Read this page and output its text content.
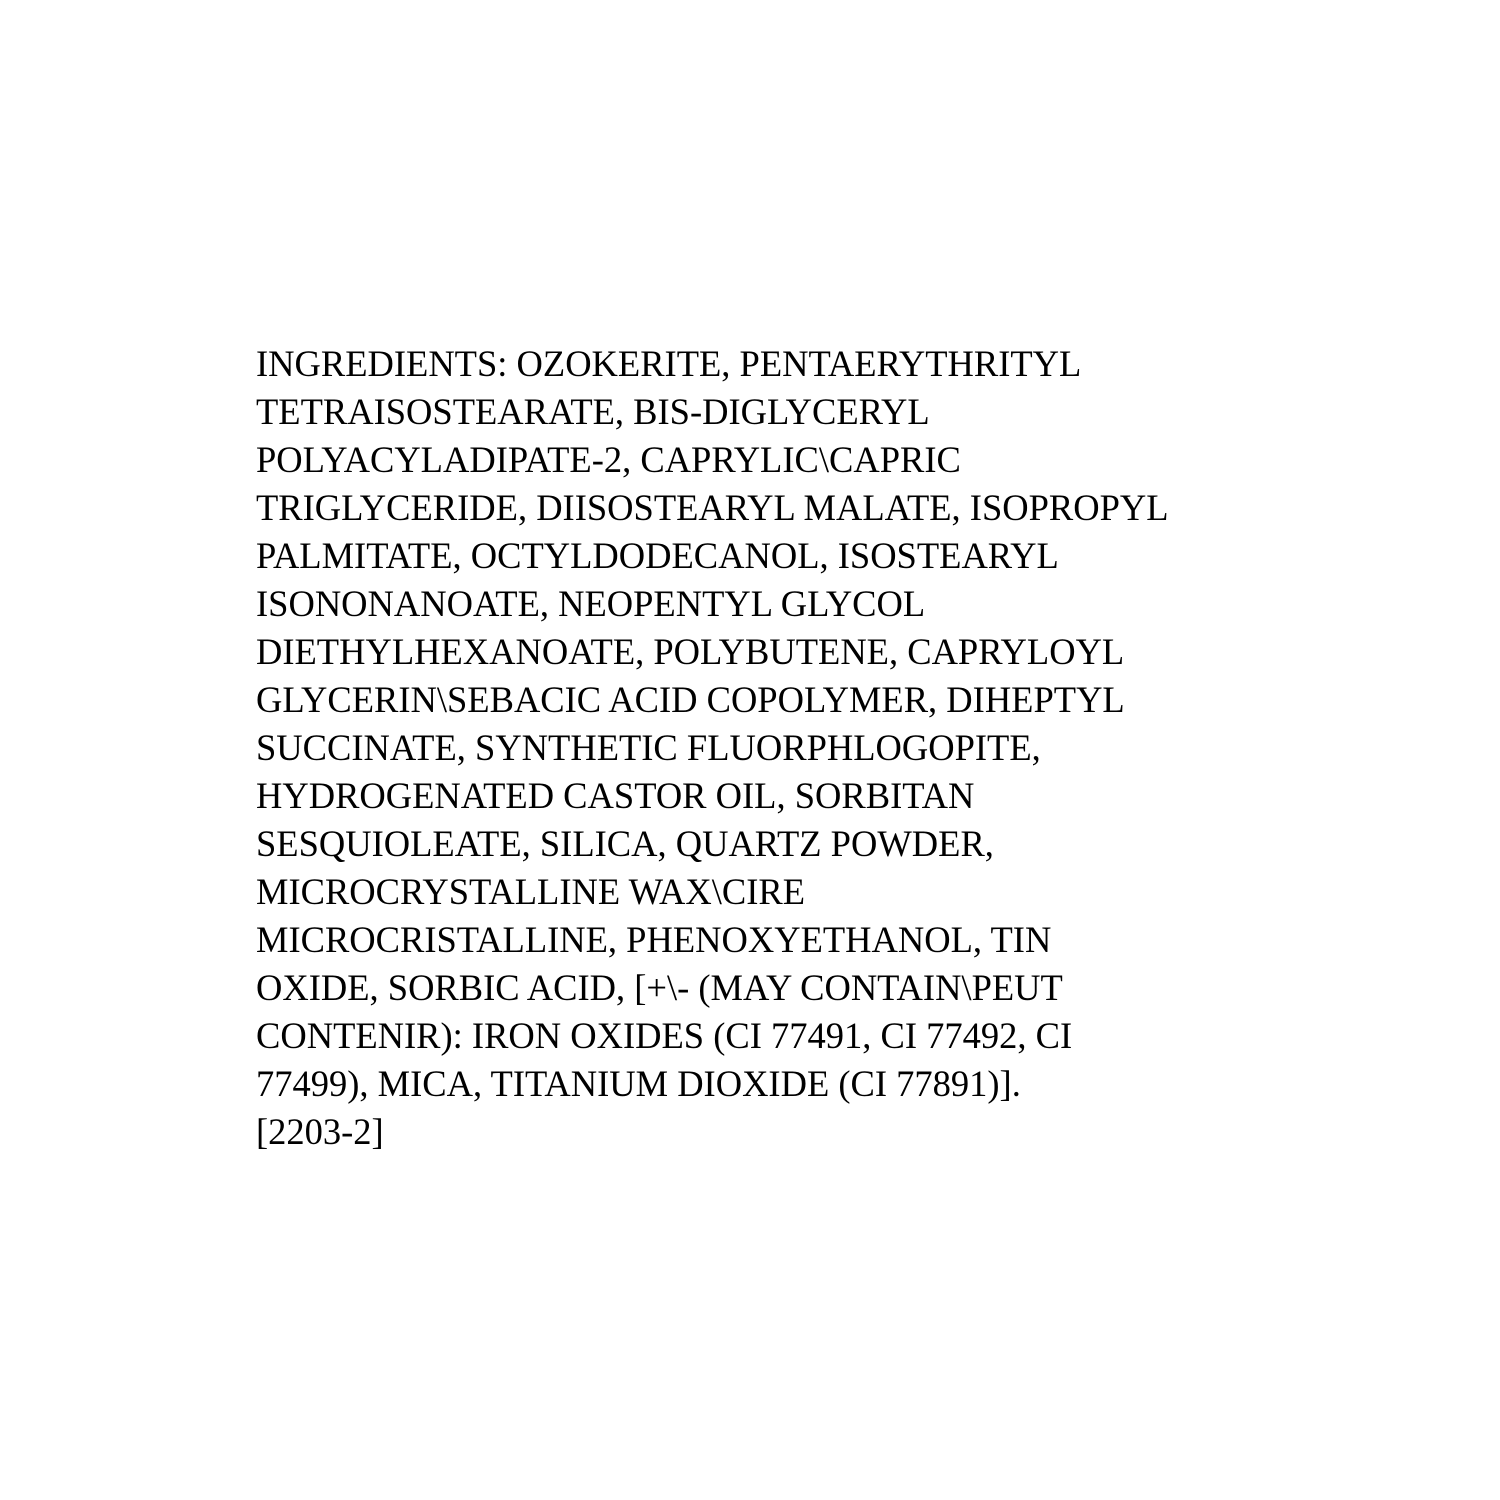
INGREDIENTS: OZOKERITE, PENTAERYTHRITYL
TETRAISOSTEARATE, BIS-DIGLYCERYL
POLYACYLADIPATE-2, CAPRYLIC\CAPRIC
TRIGLYCERIDE, DIISOSTEARYL MALATE, ISOPROPYL
PALMITATE, OCTYLDODECANOL, ISOSTEARYL
ISONONANOATE, NEOPENTYL GLYCOL
DIETHYLHEXANOATE, POLYBUTENE, CAPRYLOYL
GLYCERIN\SEBACIC ACID COPOLYMER, DIHEPTYL
SUCCINATE, SYNTHETIC FLUORPHLOGOPITE,
HYDROGENATED CASTOR OIL, SORBITAN
SESQUIOLEATE, SILICA, QUARTZ POWDER,
MICROCRYSTALLINE WAX\CIRE
MICROCRISTALLINE, PHENOXYETHANOL, TIN
OXIDE, SORBIC ACID, [+\- (MAY CONTAIN\PEUT
CONTENIR): IRON OXIDES (CI 77491, CI 77492, CI
77499), MICA, TITANIUM DIOXIDE (CI 77891)].
[2203-2]
